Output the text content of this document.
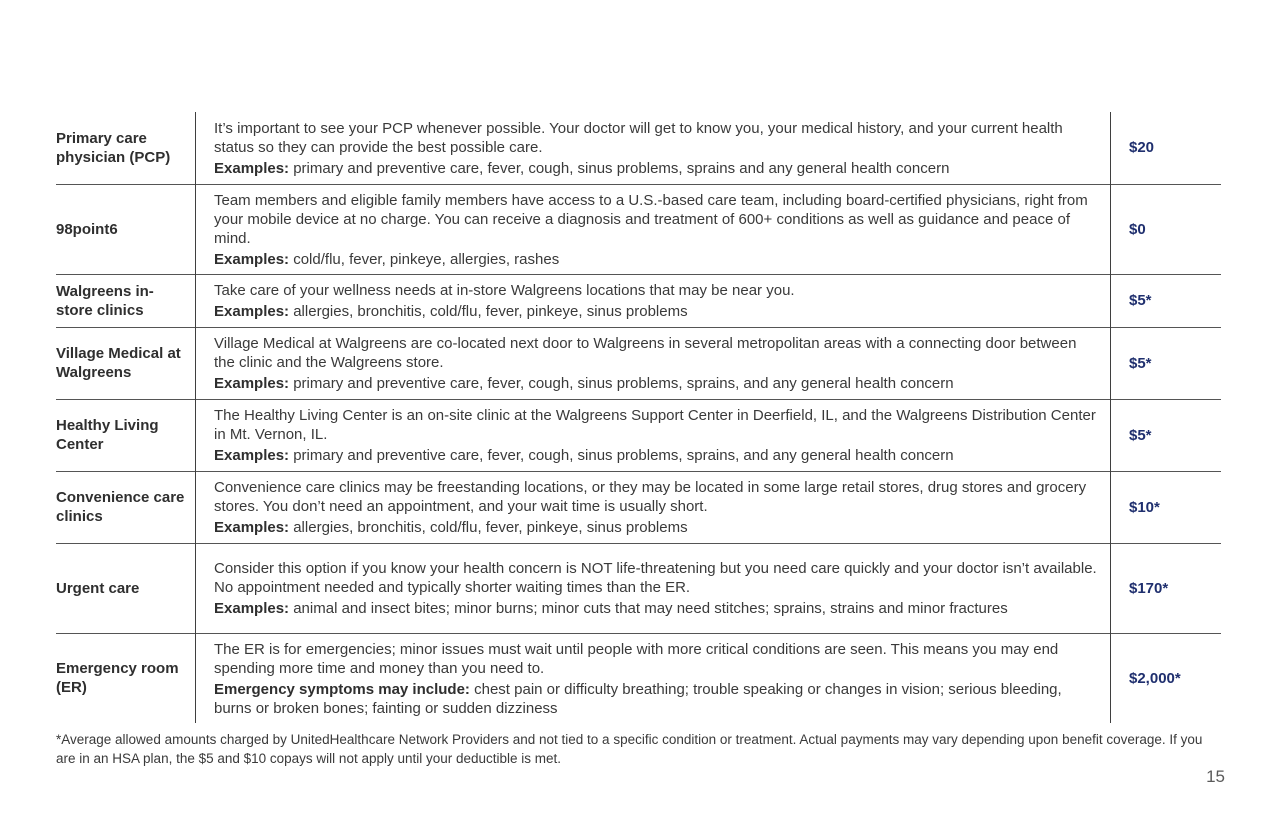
Primary care physician (PCP)	It’s important to see your PCP whenever possible. Your doctor will get to know you, your medical history, and your current health status so they can provide the best possible care.

Examples: primary and preventive care, fever, cough, sinus problems, sprains and any general health concern	$20
98point6	Team members and eligible family members have access to a U.S.-based care team, including board-certified physicians, right from your mobile device at no charge. You can receive a diagnosis and treatment of 600+ conditions as well as guidance and peace of mind.

Examples: cold/flu, fever, pinkeye, allergies, rashes	$0
Walgreens in-store clinics	Take care of your wellness needs at in-store Walgreens locations that may be near you.

Examples: allergies, bronchitis, cold/flu, fever, pinkeye, sinus problems	$5*
Village Medical at Walgreens	Village Medical at Walgreens are co-located next door to Walgreens in several metropolitan areas with a connecting door between the clinic and the Walgreens store.

Examples: primary and preventive care, fever, cough, sinus problems, sprains, and any general health concern	$5*
Healthy Living Center	The Healthy Living Center is an on-site clinic at the Walgreens Support Center in Deerfield, IL, and the Walgreens Distribution Center in Mt. Vernon, IL.

Examples: primary and preventive care, fever, cough, sinus problems, sprains, and any general health concern	$5*
Convenience care clinics	Convenience care clinics may be freestanding locations, or they may be located in some large retail stores, drug stores and grocery stores. You don’t need an appointment, and your wait time is usually short.

Examples: allergies, bronchitis, cold/flu, fever, pinkeye, sinus problems	$10*
Urgent care	Consider this option if you know your health concern is NOT life-threatening but you need care quickly and your doctor isn’t available. No appointment needed and typically shorter waiting times than the ER.

Examples: animal and insect bites; minor burns; minor cuts that may need stitches; sprains, strains and minor fractures	$170*
Emergency room (ER)	The ER is for emergencies; minor issues must wait until people with more critical conditions are seen. This means you may end spending more time and money than you need to.

Emergency symptoms may include: chest pain or difficulty breathing; trouble speaking or changes in vision; serious bleeding, burns or broken bones; fainting or sudden dizziness	$2,000*

*Average allowed amounts charged by UnitedHealthcare Network Providers and not tied to a specific condition or treatment. Actual payments may vary depending upon benefit coverage. If you are in an HSA plan, the $5 and $10 copays will not apply until your deductible is met.

15
